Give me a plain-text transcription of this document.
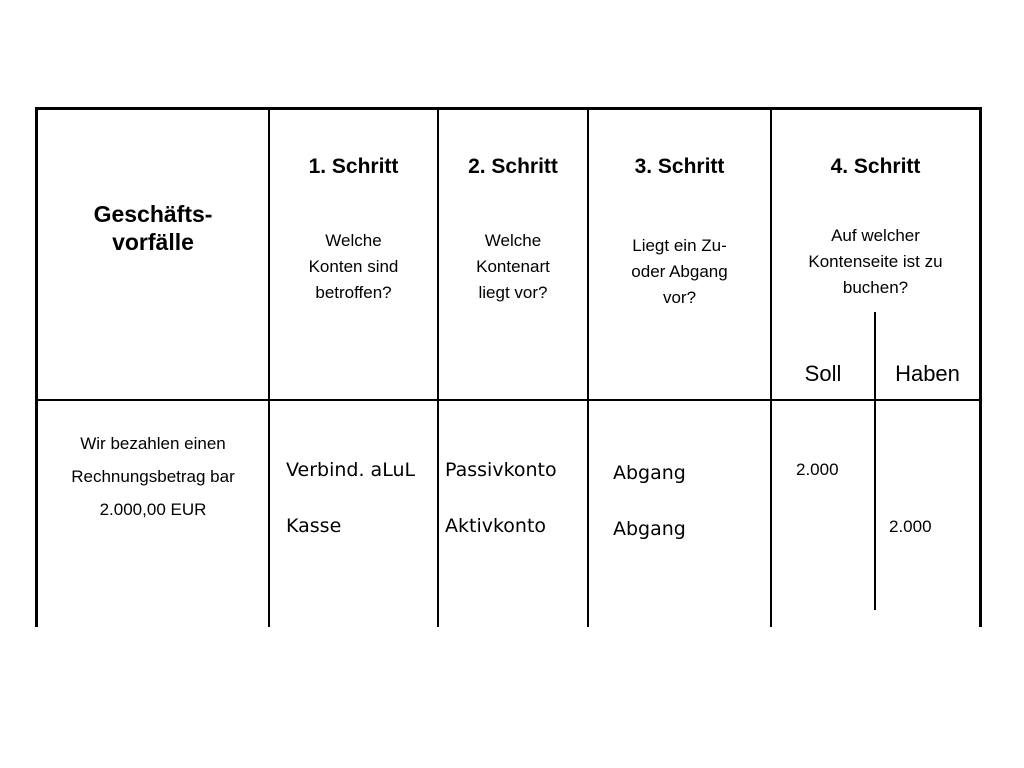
Geschäfts-
vorfälle
1. Schritt
Welche
Konten sind
betroffen?
2. Schritt
Welche
Kontenart
liegt vor?
3. Schritt
Liegt ein Zu-
oder Abgang
vor?
4. Schritt
Auf welcher
Kontenseite ist zu
buchen?
Soll	Haben
Wir bezahlen einen
Rechnungsbetrag bar
2.000,00 EUR
Verbind. aLuL
Kasse
Passivkonto
Aktivkonto
Abgang
Abgang
2.000
2.000
